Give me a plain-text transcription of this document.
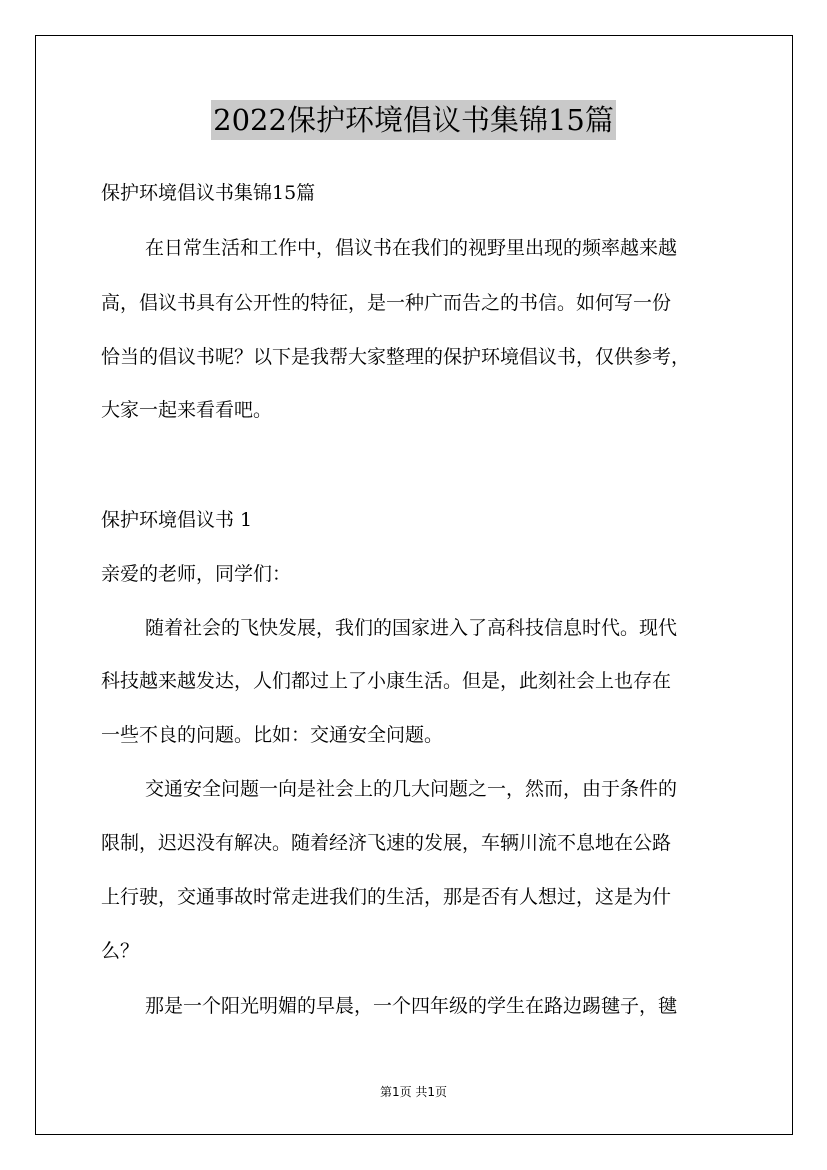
2022保护环境倡议书集锦15篇
保护环境倡议书集锦15篇
在日常生活和工作中，倡议书在我们的视野里出现的频率越来越
高，倡议书具有公开性的特征，是一种广而告之的书信。如何写一份
恰当的倡议书呢？以下是我帮大家整理的保护环境倡议书，仅供参考，
大家一起来看看吧。
保护环境倡议书 1
亲爱的老师，同学们：
随着社会的飞快发展，我们的国家进入了高科技信息时代。现代
科技越来越发达，人们都过上了小康生活。但是，此刻社会上也存在
一些不良的问题。比如：交通安全问题。
交通安全问题一向是社会上的几大问题之一，然而，由于条件的
限制，迟迟没有解决。随着经济飞速的发展，车辆川流不息地在公路
上行驶，交通事故时常走进我们的生活，那是否有人想过，这是为什
么？
那是一个阳光明媚的早晨，一个四年级的学生在路边踢毽子，毽
第1页 共1页
